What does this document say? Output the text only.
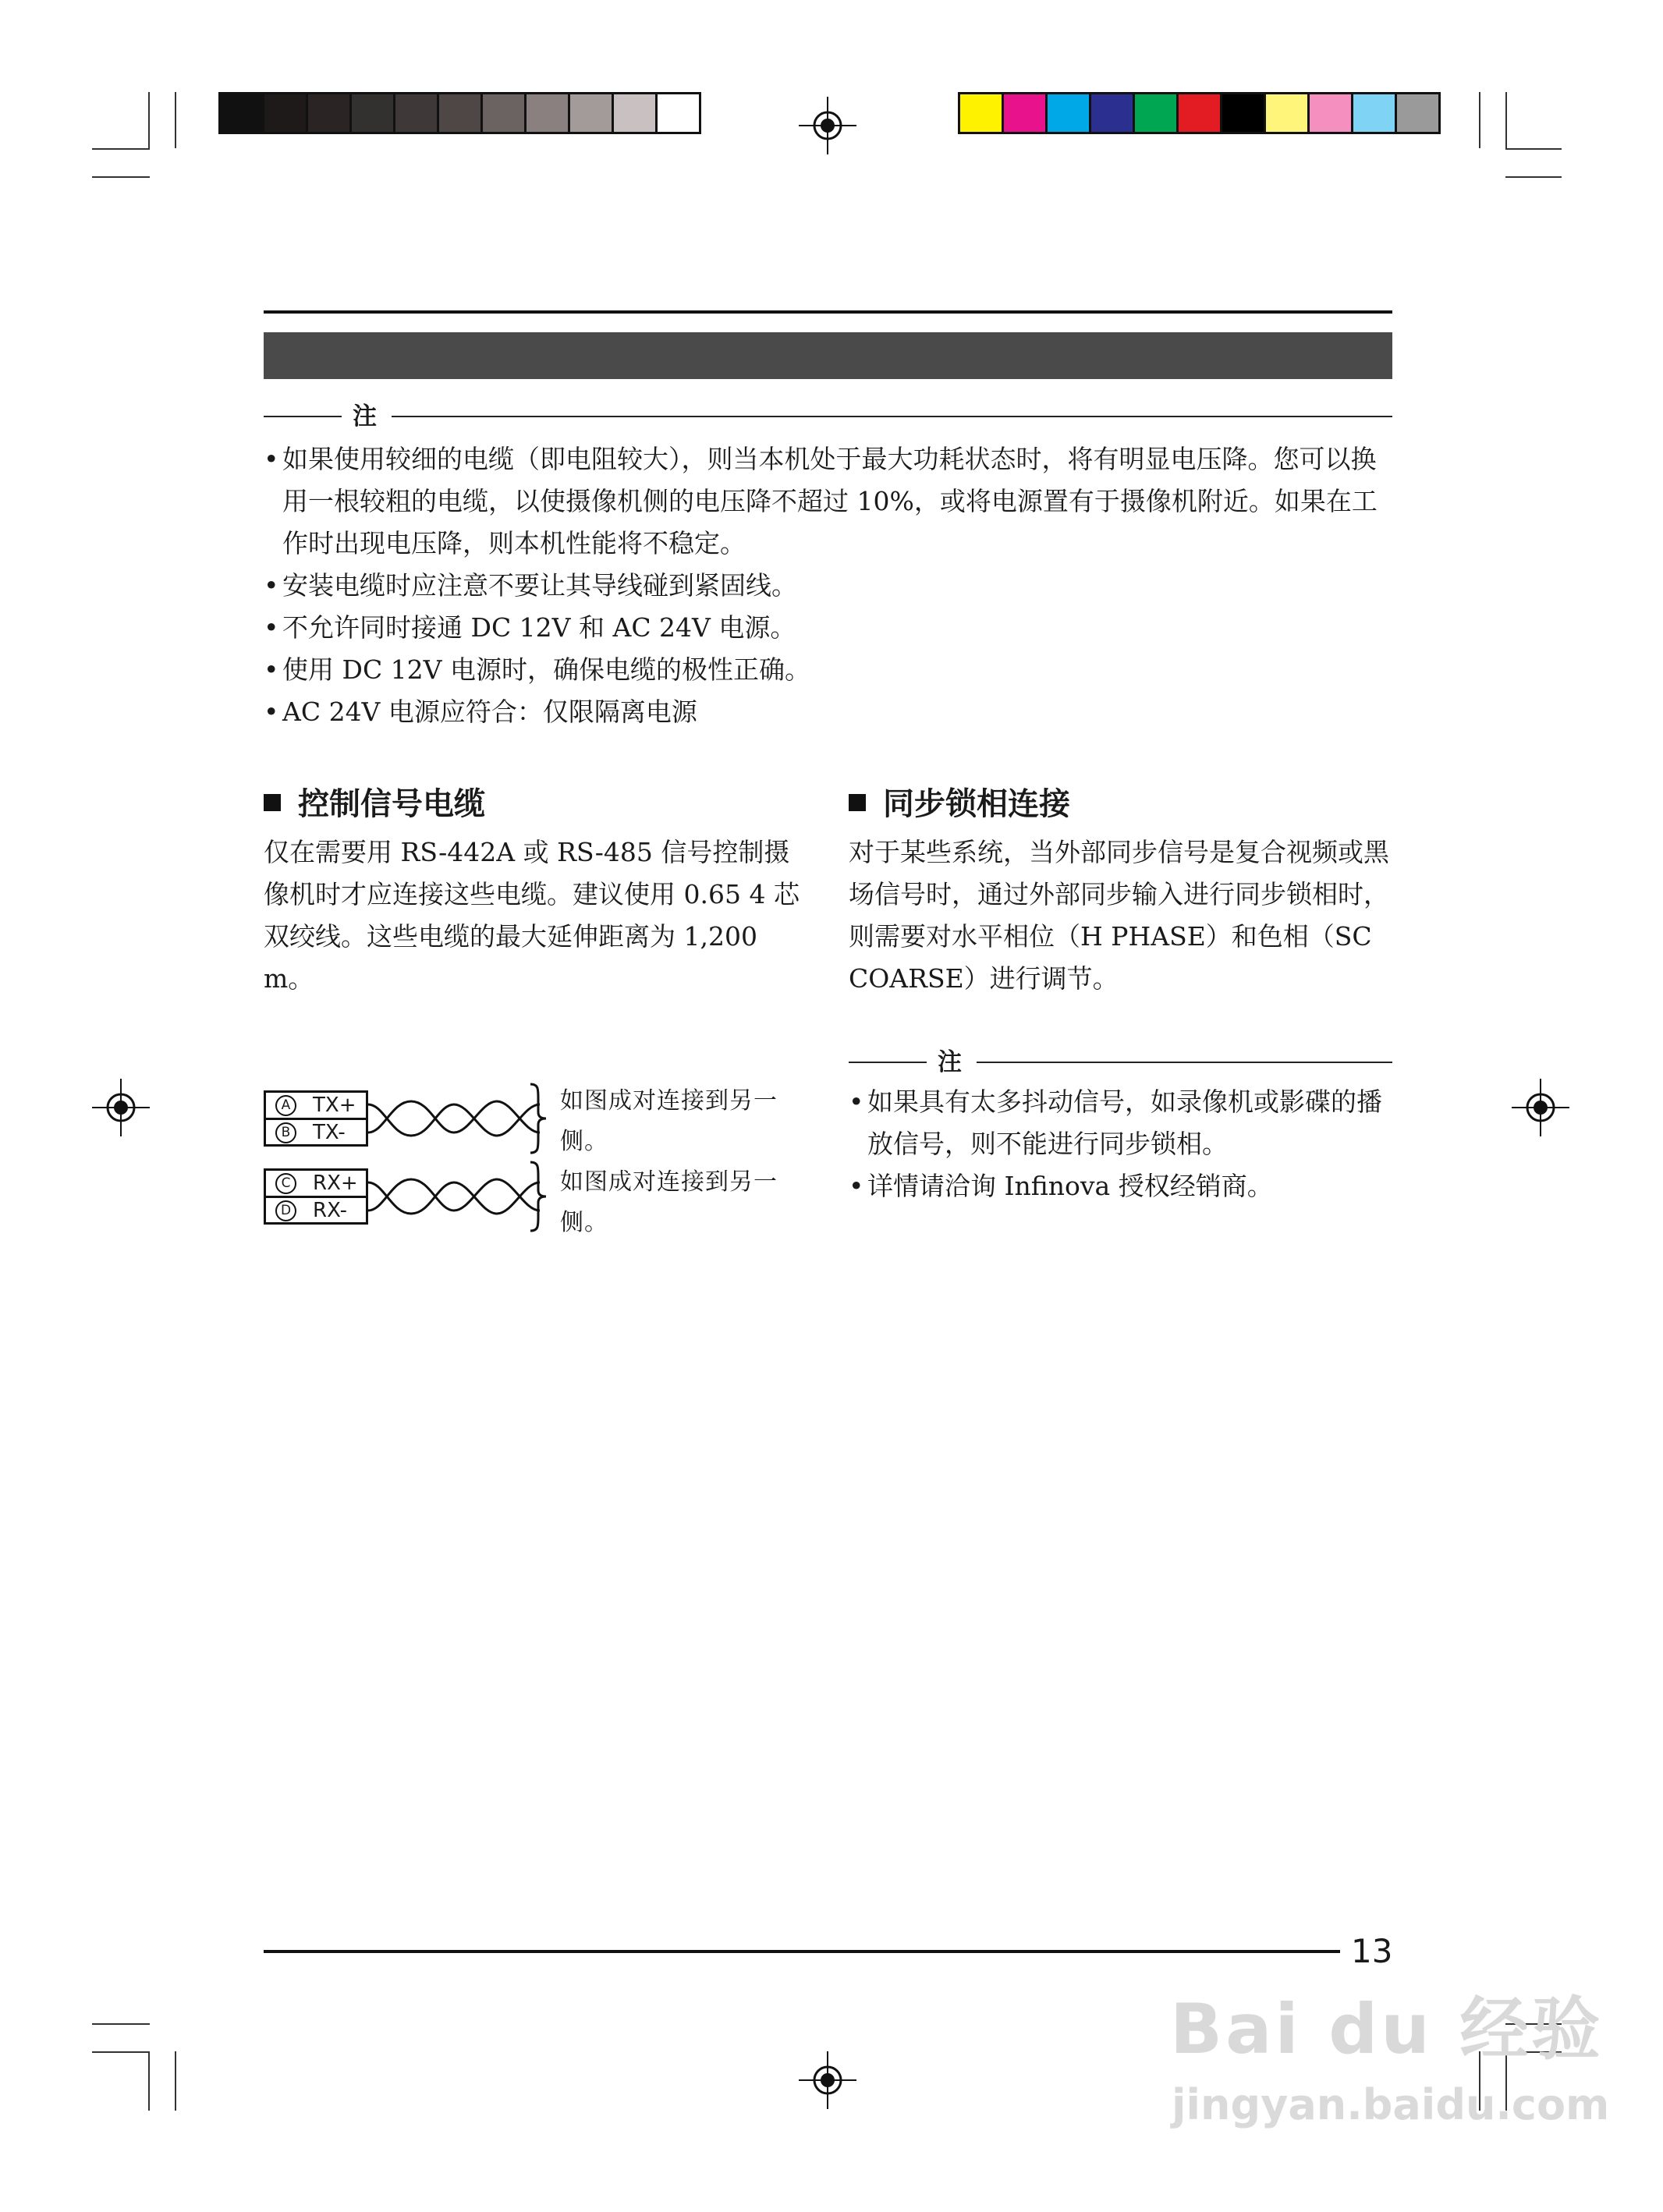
注
• 如果使用较细的电缆（即电阻较大），则当本机处于最大功耗状态时，将有明显电压降。您可以换用一根较粗的电缆，以使摄像机侧的电压降不超过 10%，或将电源置有于摄像机附近。如果在工作时出现电压降，则本机性能将不稳定。
• 安装电缆时应注意不要让其导线碰到紧固线。
• 不允许同时接通 DC 12V 和 AC 24V 电源。
• 使用 DC 12V 电源时，确保电缆的极性正确。
• AC 24V 电源应符合：仅限隔离电源
控制信号电缆

仅在需要用 RS-442A 或 RS-485 信号控制摄像机时才应连接这些电缆。建议使用 0.65 4 芯双绞线。这些电缆的最大延伸距离为 1,200 m。

A TX+
B TX-
如图成对连接到另一侧。
C RX+
D RX-
如图成对连接到另一侧。
同步锁相连接

对于某些系统，当外部同步信号是复合视频或黑场信号时，通过外部同步输入进行同步锁相时，则需要对水平相位（H PHASE）和色相（SC COARSE）进行调节。

注
• 如果具有太多抖动信号，如录像机或影碟的播放信号，则不能进行同步锁相。
• 详情请洽询 Infinova 授权经销商。
13
Bai du 经验
jingyan.baidu.com
